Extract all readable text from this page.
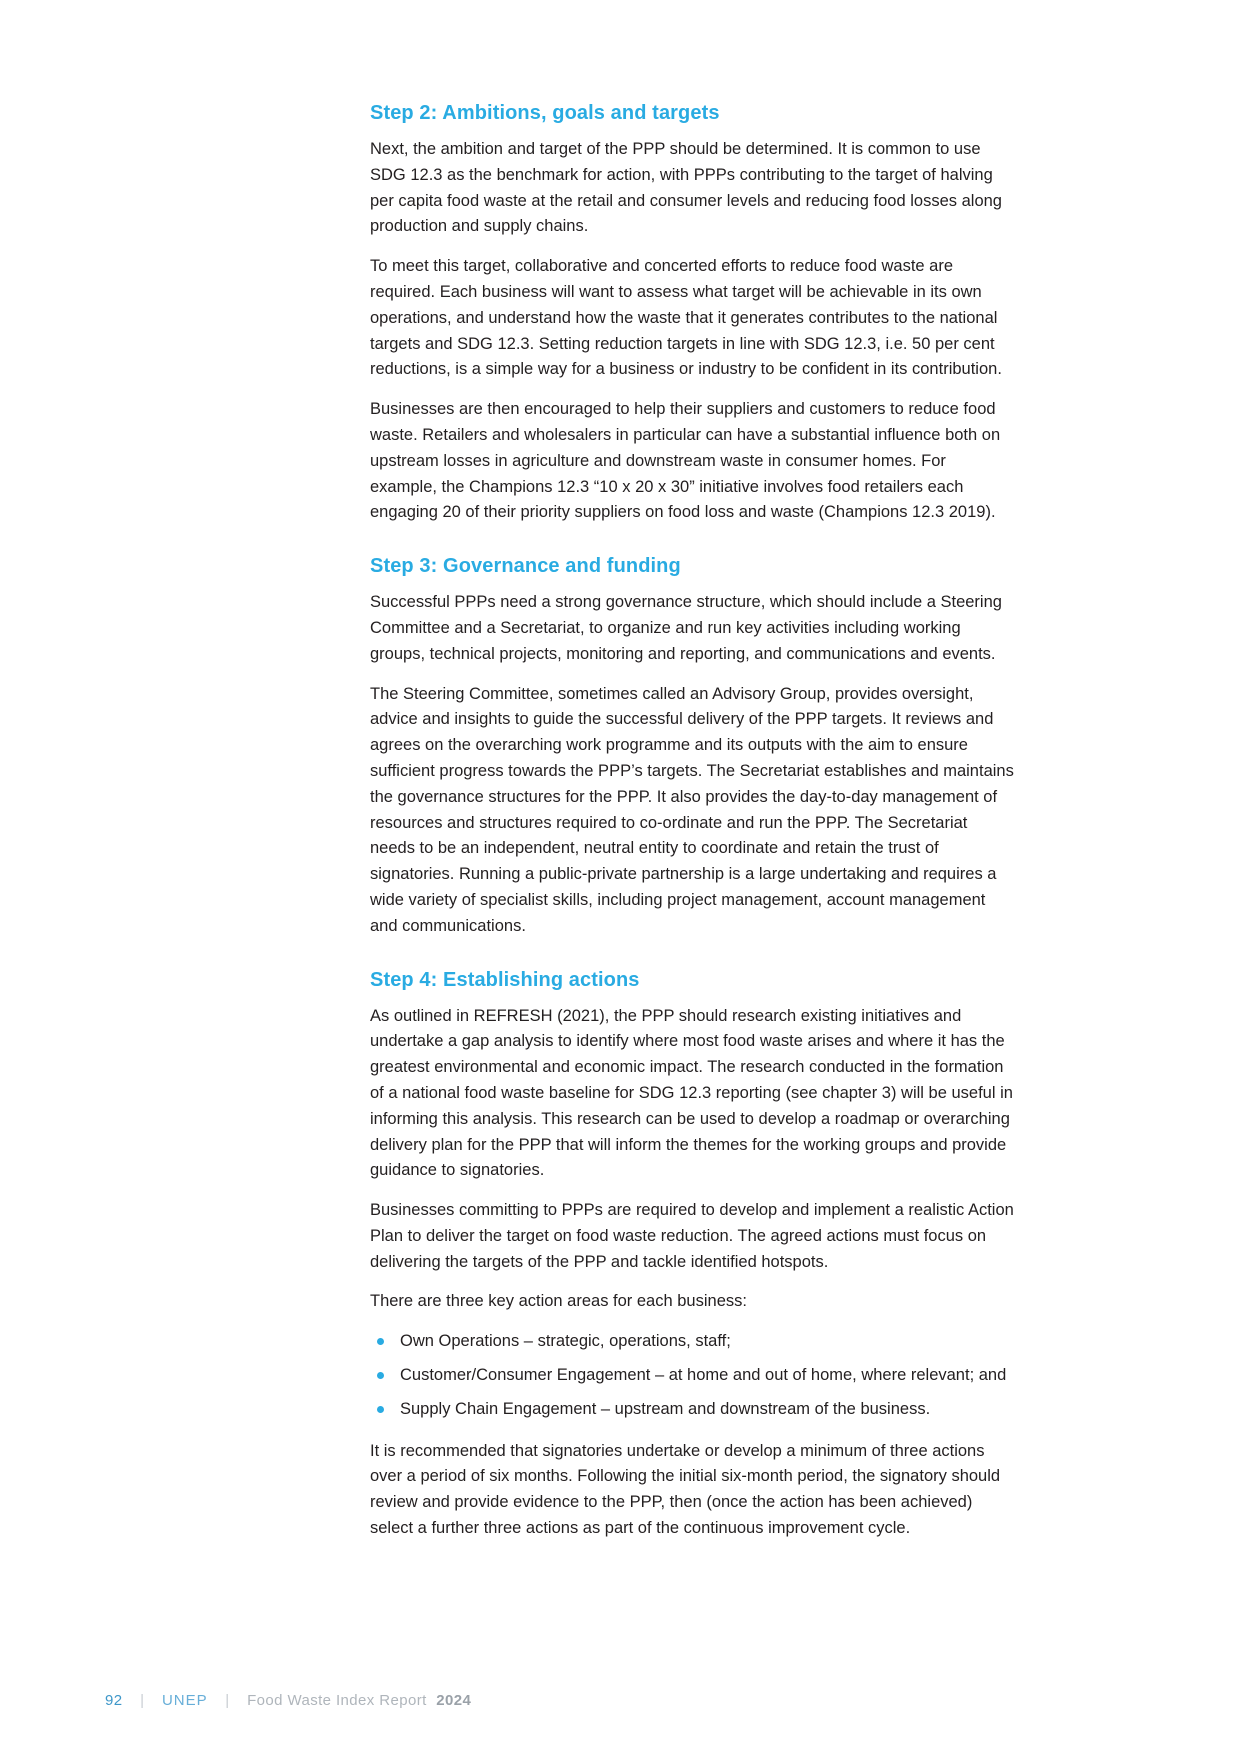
Step 2: Ambitions, goals and targets

Next, the ambition and target of the PPP should be determined. It is common to use SDG 12.3 as the benchmark for action, with PPPs contributing to the target of halving per capita food waste at the retail and consumer levels and reducing food losses along production and supply chains.

To meet this target, collaborative and concerted efforts to reduce food waste are required. Each business will want to assess what target will be achievable in its own operations, and understand how the waste that it generates contributes to the national targets and SDG 12.3. Setting reduction targets in line with SDG 12.3, i.e. 50 per cent reductions, is a simple way for a business or industry to be confident in its contribution.

Businesses are then encouraged to help their suppliers and customers to reduce food waste. Retailers and wholesalers in particular can have a substantial influence both on upstream losses in agriculture and downstream waste in consumer homes. For example, the Champions 12.3 “10 x 20 x 30” initiative involves food retailers each engaging 20 of their priority suppliers on food loss and waste (Champions 12.3 2019).

Step 3: Governance and funding

Successful PPPs need a strong governance structure, which should include a Steering Committee and a Secretariat, to organize and run key activities including working groups, technical projects, monitoring and reporting, and communications and events.

The Steering Committee, sometimes called an Advisory Group, provides oversight, advice and insights to guide the successful delivery of the PPP targets. It reviews and agrees on the overarching work programme and its outputs with the aim to ensure sufficient progress towards the PPP’s targets. The Secretariat establishes and maintains the governance structures for the PPP. It also provides the day-to-day management of resources and structures required to co-ordinate and run the PPP. The Secretariat needs to be an independent, neutral entity to coordinate and retain the trust of signatories. Running a public-private partnership is a large undertaking and requires a wide variety of specialist skills, including project management, account management and communications.

Step 4: Establishing actions

As outlined in REFRESH (2021), the PPP should research existing initiatives and undertake a gap analysis to identify where most food waste arises and where it has the greatest environmental and economic impact. The research conducted in the formation of a national food waste baseline for SDG 12.3 reporting (see chapter 3) will be useful in informing this analysis. This research can be used to develop a roadmap or overarching delivery plan for the PPP that will inform the themes for the working groups and provide guidance to signatories.

Businesses committing to PPPs are required to develop and implement a realistic Action Plan to deliver the target on food waste reduction. The agreed actions must focus on delivering the targets of the PPP and tackle identified hotspots.

There are three key action areas for each business:

Own Operations – strategic, operations, staff;
Customer/Consumer Engagement – at home and out of home, where relevant; and
Supply Chain Engagement – upstream and downstream of the business.

It is recommended that signatories undertake or develop a minimum of three actions over a period of six months. Following the initial six-month period, the signatory should review and provide evidence to the PPP, then (once the action has been achieved) select a further three actions as part of the continuous improvement cycle.

92 | UNEP | Food Waste Index Report 2024
